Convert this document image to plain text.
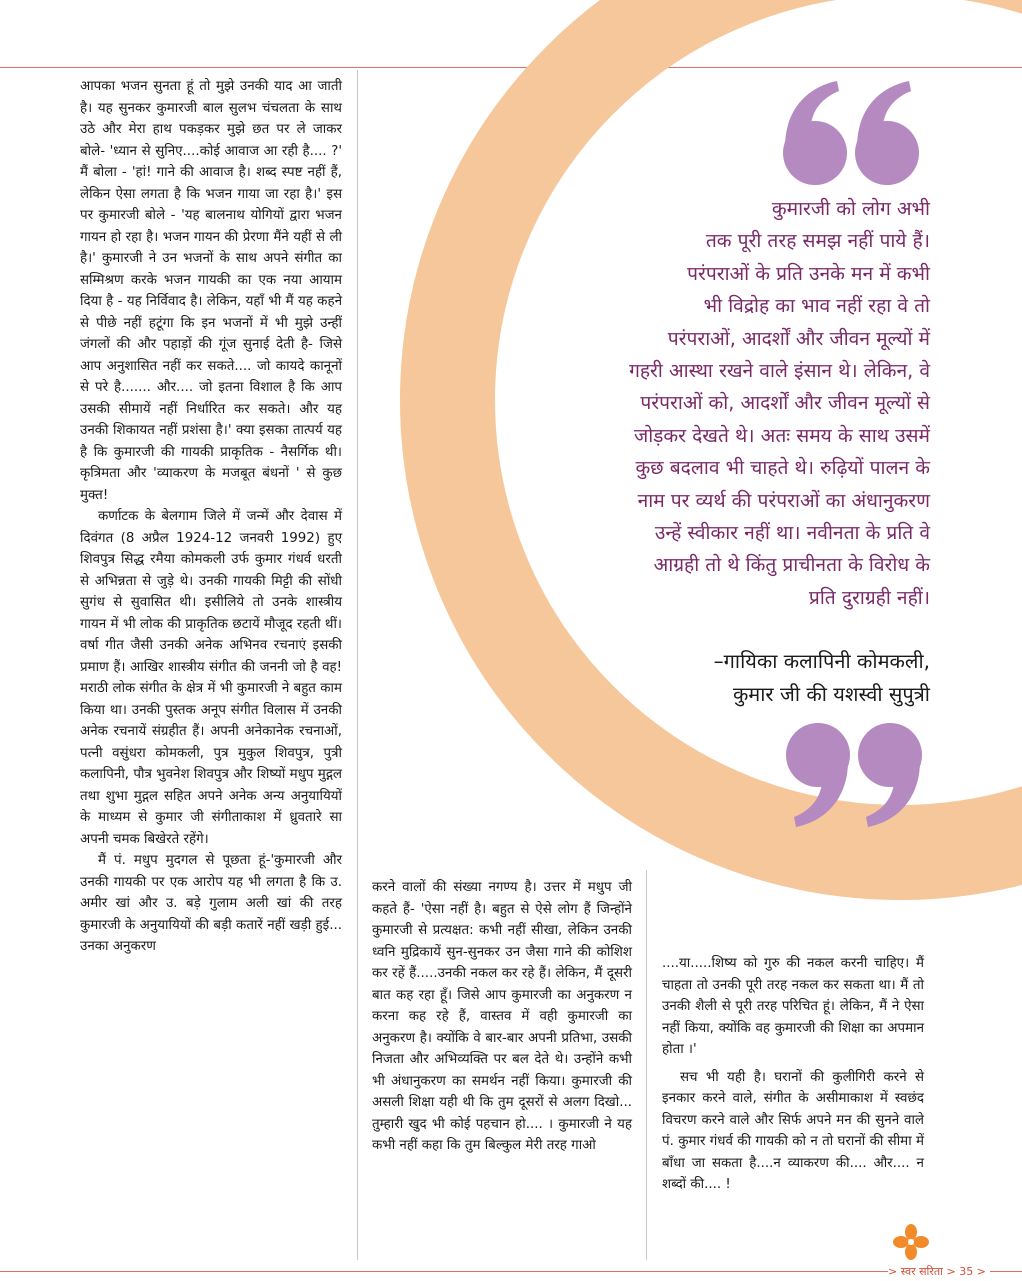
आपका भजन सुनता हूं तो मुझे उनकी याद आ जाती है। यह सुनकर कुमारजी बाल सुलभ चंचलता के साथ उठे और मेरा हाथ पकड़कर मुझे छत पर ले जाकर बोले- 'ध्यान से सुनिए....कोई आवाज आ रही है.... ?' मैं बोला - 'हां! गाने की आवाज है। शब्द स्पष्ट नहीं हैं, लेकिन ऐसा लगता है कि भजन गाया जा रहा है।' इस पर कुमारजी बोले - 'यह बालनाथ योगियों द्वारा भजन गायन हो रहा है। भजन गायन की प्रेरणा मैंने यहीं से ली है।' कुमारजी ने उन भजनों के साथ अपने संगीत का सम्मिश्रण करके भजन गायकी का एक नया आयाम दिया है - यह निर्विवाद है। लेकिन, यहाँ भी मैं यह कहने से पीछे नहीं हटूंगा कि इन भजनों में भी मुझे उन्हीं जंगलों की और पहाड़ों की गूंज सुनाई देती है- जिसे आप अनुशासित नहीं कर सकते.... जो कायदे कानूनों से परे है....... और.... जो इतना विशाल है कि आप उसकी सीमायें नहीं निर्धारित कर सकते। और यह उनकी शिकायत नहीं प्रशंसा है।' क्या इसका तात्पर्य यह है कि कुमारजी की गायकी प्राकृतिक - नैसर्गिक थी। कृत्रिमता और 'व्याकरण के मजबूत बंधनों ' से कुछ मुक्त!

कर्णाटक के बेलगाम जिले में जन्में और देवास में दिवंगत (8 अप्रैल 1924-12 जनवरी 1992) हुए शिवपुत्र सिद्ध रमैया कोमकली उर्फ कुमार गंधर्व धरती से अभिन्नता से जुड़े थे। उनकी गायकी मिट्टी की सोंधी सुगंध से सुवासित थी। इसीलिये तो उनके शास्त्रीय गायन में भी लोक की प्राकृतिक छटायें मौजूद रहती थीं। वर्षा गीत जैसी उनकी अनेक अभिनव रचनाएं इसकी प्रमाण हैं। आखिर शास्त्रीय संगीत की जननी जो है वह! मराठी लोक संगीत के क्षेत्र में भी कुमारजी ने बहुत काम किया था। उनकी पुस्तक अनूप संगीत विलास में उनकी अनेक रचनायें संग्रहीत हैं। अपनी अनेकानेक रचनाओं, पत्नी वसुंधरा कोमकली, पुत्र मुकुल शिवपुत्र, पुत्री कलापिनी, पौत्र भुवनेश शिवपुत्र और शिष्यों मधुप मुद्गल तथा शुभा मुद्गल सहित अपने अनेक अन्य अनुयायियों के माध्यम से कुमार जी संगीताकाश में ध्रुवतारे सा अपनी चमक बिखेरते रहेंगे।

मैं पं. मधुप मुदगल से पूछता हूं-'कुमारजी और उनकी गायकी पर एक आरोप यह भी लगता है कि उ. अमीर खां और उ. बड़े गुलाम अली खां की तरह कुमारजी के अनुयायियों की बड़ी कतारें नहीं खड़ी हुई... उनका अनुकरण

करने वालों की संख्या नगण्य है। उत्तर में मधुप जी कहते हैं- 'ऐसा नहीं है। बहुत से ऐसे लोग हैं जिन्होंने कुमारजी से प्रत्यक्षत: कभी नहीं सीखा, लेकिन उनकी ध्वनि मुद्रिकायें सुन-सुनकर उन जैसा गाने की कोशिश कर रहें हैं.....उनकी नकल कर रहे हैं। लेकिन, मैं दूसरी बात कह रहा हूँ। जिसे आप कुमारजी का अनुकरण न करना कह रहे हैं, वास्तव में वही कुमारजी का अनुकरण है। क्योंकि वे बार-बार अपनी प्रतिभा, उसकी निजता और अभिव्यक्ति पर बल देते थे। उन्होंने कभी भी अंधानुकरण का समर्थन नहीं किया। कुमारजी की असली शिक्षा यही थी कि तुम दूसरों से अलग दिखो... तुम्हारी खुद भी कोई पहचान हो.... । कुमारजी ने यह कभी नहीं कहा कि तुम बिल्कुल मेरी तरह गाओ

....या.....शिष्य को गुरु की नकल करनी चाहिए। मैं चाहता तो उनकी पूरी तरह नकल कर सकता था। मैं तो उनकी शैली से पूरी तरह परिचित हूं। लेकिन, मैं ने ऐसा नहीं किया, क्योंकि वह कुमारजी की शिक्षा का अपमान होता ।'

सच भी यही है। घरानों की कुलीगिरी करने से इनकार करने वाले, संगीत के असीमाकाश में स्वछंद विचरण करने वाले और सिर्फ अपने मन की सुनने वाले पं. कुमार गंधर्व की गायकी को न तो घरानों की सीमा में बाँधा जा सकता है....न व्याकरण की.... और.... न शब्दों की.... !

कुमारजी को लोग अभी

तक पूरी तरह समझ नहीं पाये हैं।

परंपराओं के प्रति उनके मन में कभी

भी विद्रोह का भाव नहीं रहा वे तो

परंपराओं, आदर्शों और जीवन मूल्यों में

गहरी आस्था रखने वाले इंसान थे। लेकिन, वे

परंपराओं को, आदर्शों और जीवन मूल्यों से

जोड़कर देखते थे। अतः समय के साथ उसमें

कुछ बदलाव भी चाहते थे। रुढ़ियों पालन के

नाम पर व्यर्थ की परंपराओं का अंधानुकरण

उन्हें स्वीकार नहीं था। नवीनता के प्रति वे

आग्रही तो थे किंतु प्राचीनता के विरोध के

प्रति दुराग्रही नहीं।

–गायिका कलापिनी कोमकली,

कुमार जी की यशस्वी सुपुत्री

> स्वर सरिता > 35 >
